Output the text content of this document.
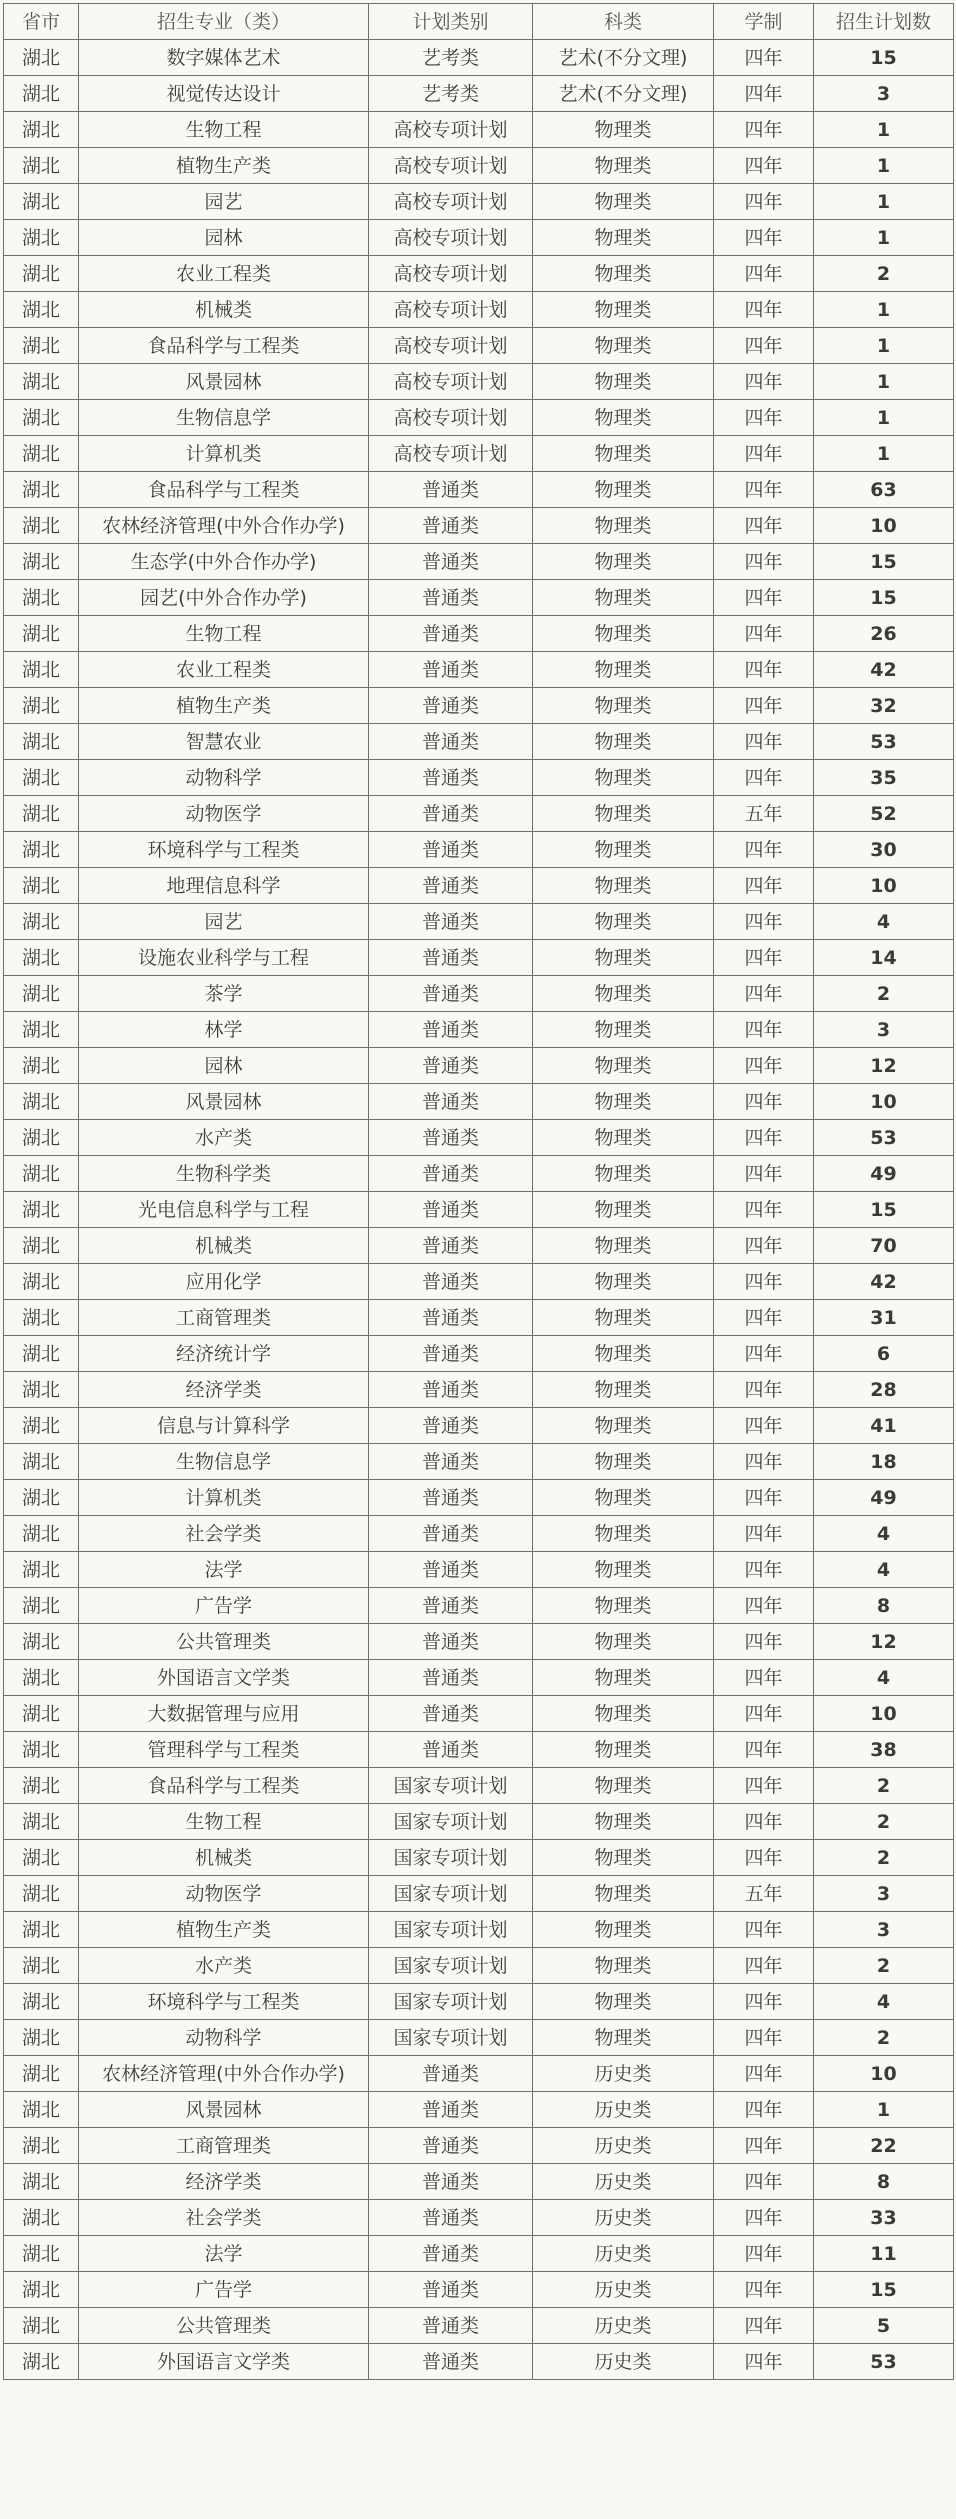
省市	招生专业（类）	计划类别	科类	学制	招生计划数
湖北	数字媒体艺术	艺考类	艺术(不分文理)	四年	15
湖北	视觉传达设计	艺考类	艺术(不分文理)	四年	3
湖北	生物工程	高校专项计划	物理类	四年	1
湖北	植物生产类	高校专项计划	物理类	四年	1
湖北	园艺	高校专项计划	物理类	四年	1
湖北	园林	高校专项计划	物理类	四年	1
湖北	农业工程类	高校专项计划	物理类	四年	2
湖北	机械类	高校专项计划	物理类	四年	1
湖北	食品科学与工程类	高校专项计划	物理类	四年	1
湖北	风景园林	高校专项计划	物理类	四年	1
湖北	生物信息学	高校专项计划	物理类	四年	1
湖北	计算机类	高校专项计划	物理类	四年	1
湖北	食品科学与工程类	普通类	物理类	四年	63
湖北	农林经济管理(中外合作办学)	普通类	物理类	四年	10
湖北	生态学(中外合作办学)	普通类	物理类	四年	15
湖北	园艺(中外合作办学)	普通类	物理类	四年	15
湖北	生物工程	普通类	物理类	四年	26
湖北	农业工程类	普通类	物理类	四年	42
湖北	植物生产类	普通类	物理类	四年	32
湖北	智慧农业	普通类	物理类	四年	53
湖北	动物科学	普通类	物理类	四年	35
湖北	动物医学	普通类	物理类	五年	52
湖北	环境科学与工程类	普通类	物理类	四年	30
湖北	地理信息科学	普通类	物理类	四年	10
湖北	园艺	普通类	物理类	四年	4
湖北	设施农业科学与工程	普通类	物理类	四年	14
湖北	茶学	普通类	物理类	四年	2
湖北	林学	普通类	物理类	四年	3
湖北	园林	普通类	物理类	四年	12
湖北	风景园林	普通类	物理类	四年	10
湖北	水产类	普通类	物理类	四年	53
湖北	生物科学类	普通类	物理类	四年	49
湖北	光电信息科学与工程	普通类	物理类	四年	15
湖北	机械类	普通类	物理类	四年	70
湖北	应用化学	普通类	物理类	四年	42
湖北	工商管理类	普通类	物理类	四年	31
湖北	经济统计学	普通类	物理类	四年	6
湖北	经济学类	普通类	物理类	四年	28
湖北	信息与计算科学	普通类	物理类	四年	41
湖北	生物信息学	普通类	物理类	四年	18
湖北	计算机类	普通类	物理类	四年	49
湖北	社会学类	普通类	物理类	四年	4
湖北	法学	普通类	物理类	四年	4
湖北	广告学	普通类	物理类	四年	8
湖北	公共管理类	普通类	物理类	四年	12
湖北	外国语言文学类	普通类	物理类	四年	4
湖北	大数据管理与应用	普通类	物理类	四年	10
湖北	管理科学与工程类	普通类	物理类	四年	38
湖北	食品科学与工程类	国家专项计划	物理类	四年	2
湖北	生物工程	国家专项计划	物理类	四年	2
湖北	机械类	国家专项计划	物理类	四年	2
湖北	动物医学	国家专项计划	物理类	五年	3
湖北	植物生产类	国家专项计划	物理类	四年	3
湖北	水产类	国家专项计划	物理类	四年	2
湖北	环境科学与工程类	国家专项计划	物理类	四年	4
湖北	动物科学	国家专项计划	物理类	四年	2
湖北	农林经济管理(中外合作办学)	普通类	历史类	四年	10
湖北	风景园林	普通类	历史类	四年	1
湖北	工商管理类	普通类	历史类	四年	22
湖北	经济学类	普通类	历史类	四年	8
湖北	社会学类	普通类	历史类	四年	33
湖北	法学	普通类	历史类	四年	11
湖北	广告学	普通类	历史类	四年	15
湖北	公共管理类	普通类	历史类	四年	5
湖北	外国语言文学类	普通类	历史类	四年	53
